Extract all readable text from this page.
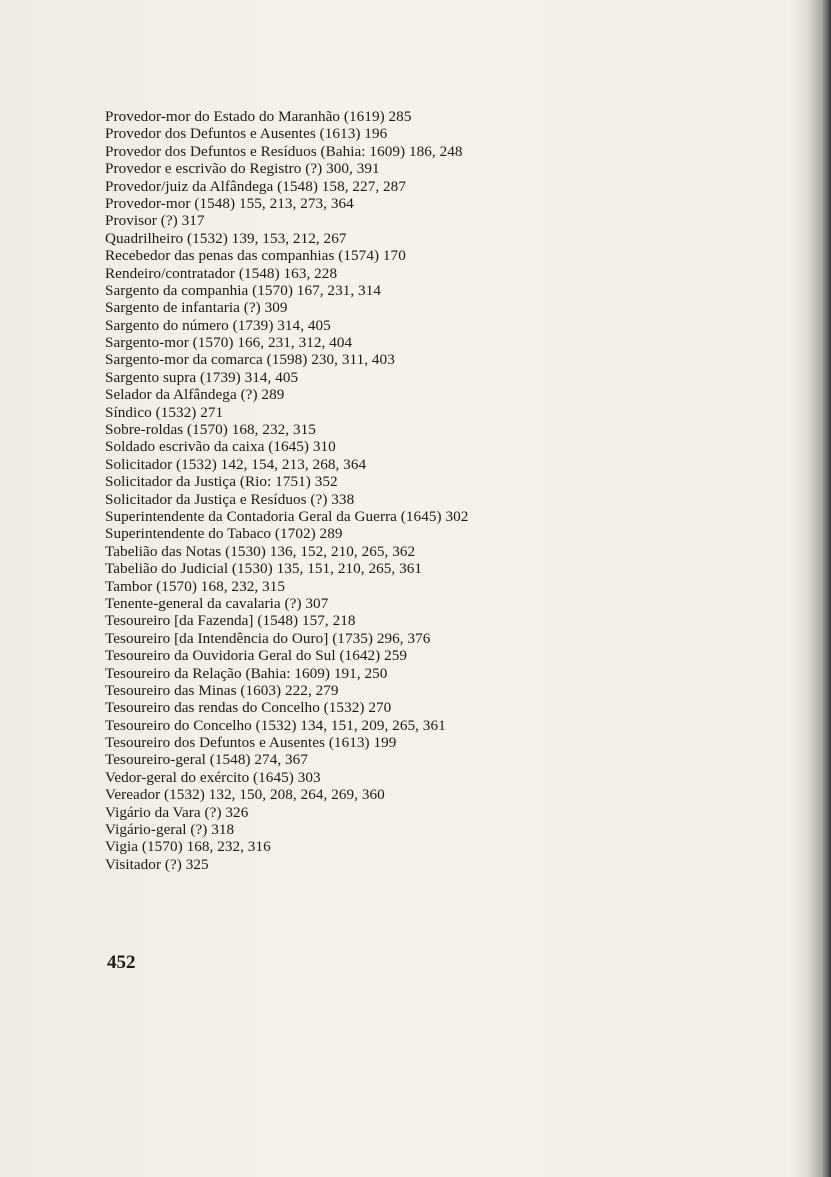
Provedor-mor do Estado do Maranhão (1619) 285
Provedor dos Defuntos e Ausentes (1613) 196
Provedor dos Defuntos e Resíduos (Bahia: 1609) 186, 248
Provedor e escrivão do Registro (?) 300, 391
Provedor/juiz da Alfândega (1548) 158, 227, 287
Provedor-mor (1548) 155, 213, 273, 364
Provisor (?) 317
Quadrilheiro (1532) 139, 153, 212, 267
Recebedor das penas das companhias (1574) 170
Rendeiro/contratador (1548) 163, 228
Sargento da companhia (1570) 167, 231, 314
Sargento de infantaria (?) 309
Sargento do número (1739) 314, 405
Sargento-mor (1570) 166, 231, 312, 404
Sargento-mor da comarca (1598) 230, 311, 403
Sargento supra (1739) 314, 405
Selador da Alfândega (?) 289
Síndico (1532) 271
Sobre-roldas (1570) 168, 232, 315
Soldado escrivão da caixa (1645) 310
Solicitador (1532) 142, 154, 213, 268, 364
Solicitador da Justiça (Rio: 1751) 352
Solicitador da Justiça e Resíduos (?) 338
Superintendente da Contadoria Geral da Guerra (1645) 302
Superintendente do Tabaco (1702) 289
Tabelião das Notas (1530) 136, 152, 210, 265, 362
Tabelião do Judicial (1530) 135, 151, 210, 265, 361
Tambor (1570) 168, 232, 315
Tenente-general da cavalaria (?) 307
Tesoureiro [da Fazenda] (1548) 157, 218
Tesoureiro [da Intendência do Ouro] (1735) 296, 376
Tesoureiro da Ouvidoria Geral do Sul (1642) 259
Tesoureiro da Relação (Bahia: 1609) 191, 250
Tesoureiro das Minas (1603) 222, 279
Tesoureiro das rendas do Concelho (1532) 270
Tesoureiro do Concelho (1532) 134, 151, 209, 265, 361
Tesoureiro dos Defuntos e Ausentes (1613) 199
Tesoureiro-geral (1548) 274, 367
Vedor-geral do exército (1645) 303
Vereador (1532) 132, 150, 208, 264, 269, 360
Vigário da Vara (?) 326
Vigário-geral (?) 318
Vigia (1570) 168, 232, 316
Visitador (?) 325
452
